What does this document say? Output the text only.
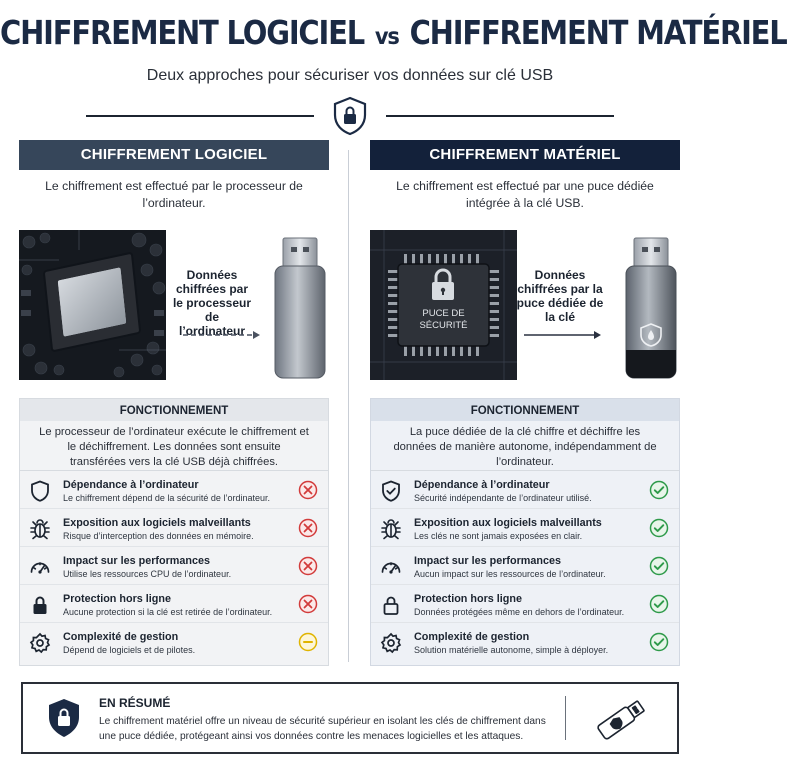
CHIFFREMENT LOGICIEL vs CHIFFREMENT MATÉRIEL
Deux approches pour sécuriser vos données sur clé USB
CHIFFREMENT LOGICIEL
Le chiffrement est effectué par le processeur de l’ordinateur.
Données chiffrées par le processeur de l’ordinateur
FONCTIONNEMENT
Le processeur de l’ordinateur exécute le chiffrement et le déchiffrement. Les données sont ensuite transférées vers la clé USB déjà chiffrées.
Dépendance à l’ordinateur
Le chiffrement dépend de la sécurité de l’ordinateur.
Exposition aux logiciels malveillants
Risque d’interception des données en mémoire.
Impact sur les performances
Utilise les ressources CPU de l’ordinateur.
Protection hors ligne
Aucune protection si la clé est retirée de l’ordinateur.
Complexité de gestion
Dépend de logiciels et de pilotes.
CHIFFREMENT MATÉRIEL
Le chiffrement est effectué par une puce dédiée intégrée à la clé USB.
PUCE DE
SÉCURITÉ
Données chiffrées par la puce dédiée de la clé
FONCTIONNEMENT
La puce dédiée de la clé chiffre et déchiffre les données de manière autonome, indépendamment de l’ordinateur.
Dépendance à l’ordinateur
Sécurité indépendante de l’ordinateur utilisé.
Exposition aux logiciels malveillants
Les clés ne sont jamais exposées en clair.
Impact sur les performances
Aucun impact sur les ressources de l’ordinateur.
Protection hors ligne
Données protégées même en dehors de l’ordinateur.
Complexité de gestion
Solution matérielle autonome, simple à déployer.
EN RÉSUMÉ
Le chiffrement matériel offre un niveau de sécurité supérieur en isolant les clés de chiffrement dans une puce dédiée, protégeant ainsi vos données contre les menaces logicielles et les attaques.
